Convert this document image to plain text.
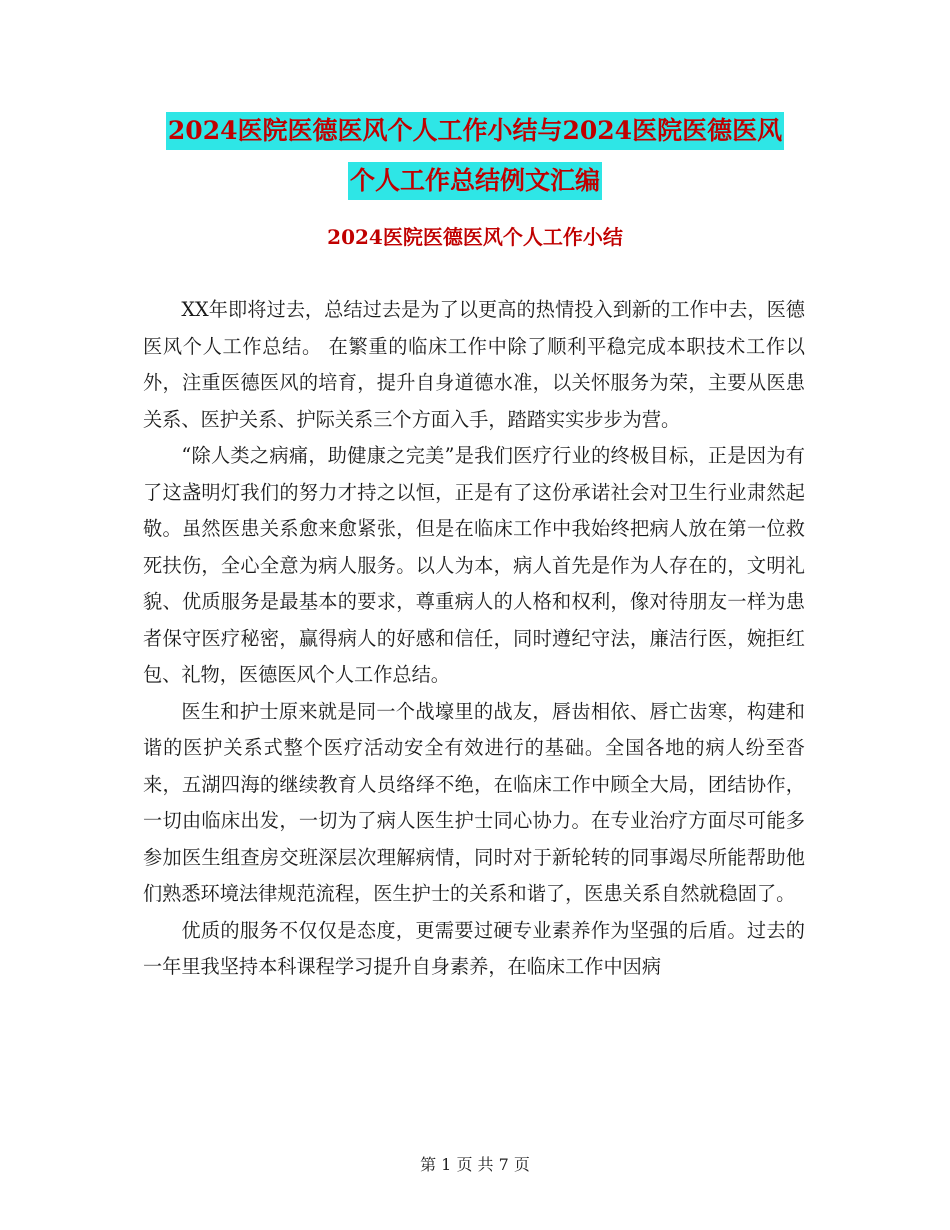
2024医院医德医风个人工作小结与2024医院医德医风
个人工作总结例文汇编
2024医院医德医风个人工作小结

XX年即将过去，总结过去是为了以更高的热情投入到新的工作中去，医德医风个人工作总结。 在繁重的临床工作中除了顺利平稳完成本职技术工作以外，注重医德医风的培育，提升自身道德水准，以关怀服务为荣，主要从医患关系、医护关系、护际关系三个方面入手，踏踏实实步步为营。

“除人类之病痛，助健康之完美”是我们医疗行业的终极目标，正是因为有了这盏明灯我们的努力才持之以恒，正是有了这份承诺社会对卫生行业肃然起敬。虽然医患关系愈来愈紧张，但是在临床工作中我始终把病人放在第一位救死扶伤，全心全意为病人服务。以人为本，病人首先是作为人存在的，文明礼貌、优质服务是最基本的要求，尊重病人的人格和权利，像对待朋友一样为患者保守医疗秘密，赢得病人的好感和信任，同时遵纪守法，廉洁行医，婉拒红包、礼物，医德医风个人工作总结。

医生和护士原来就是同一个战壕里的战友，唇齿相依、唇亡齿寒，构建和谐的医护关系式整个医疗活动安全有效进行的基础。全国各地的病人纷至沓来，五湖四海的继续教育人员络绎不绝，在临床工作中顾全大局，团结协作，一切由临床出发，一切为了病人医生护士同心协力。在专业治疗方面尽可能多参加医生组查房交班深层次理解病情，同时对于新轮转的同事竭尽所能帮助他们熟悉环境法律规范流程，医生护士的关系和谐了，医患关系自然就稳固了。

优质的服务不仅仅是态度，更需要过硬专业素养作为坚强的后盾。过去的一年里我坚持本科课程学习提升自身素养，在临床工作中因病

第 1 页 共 7 页
